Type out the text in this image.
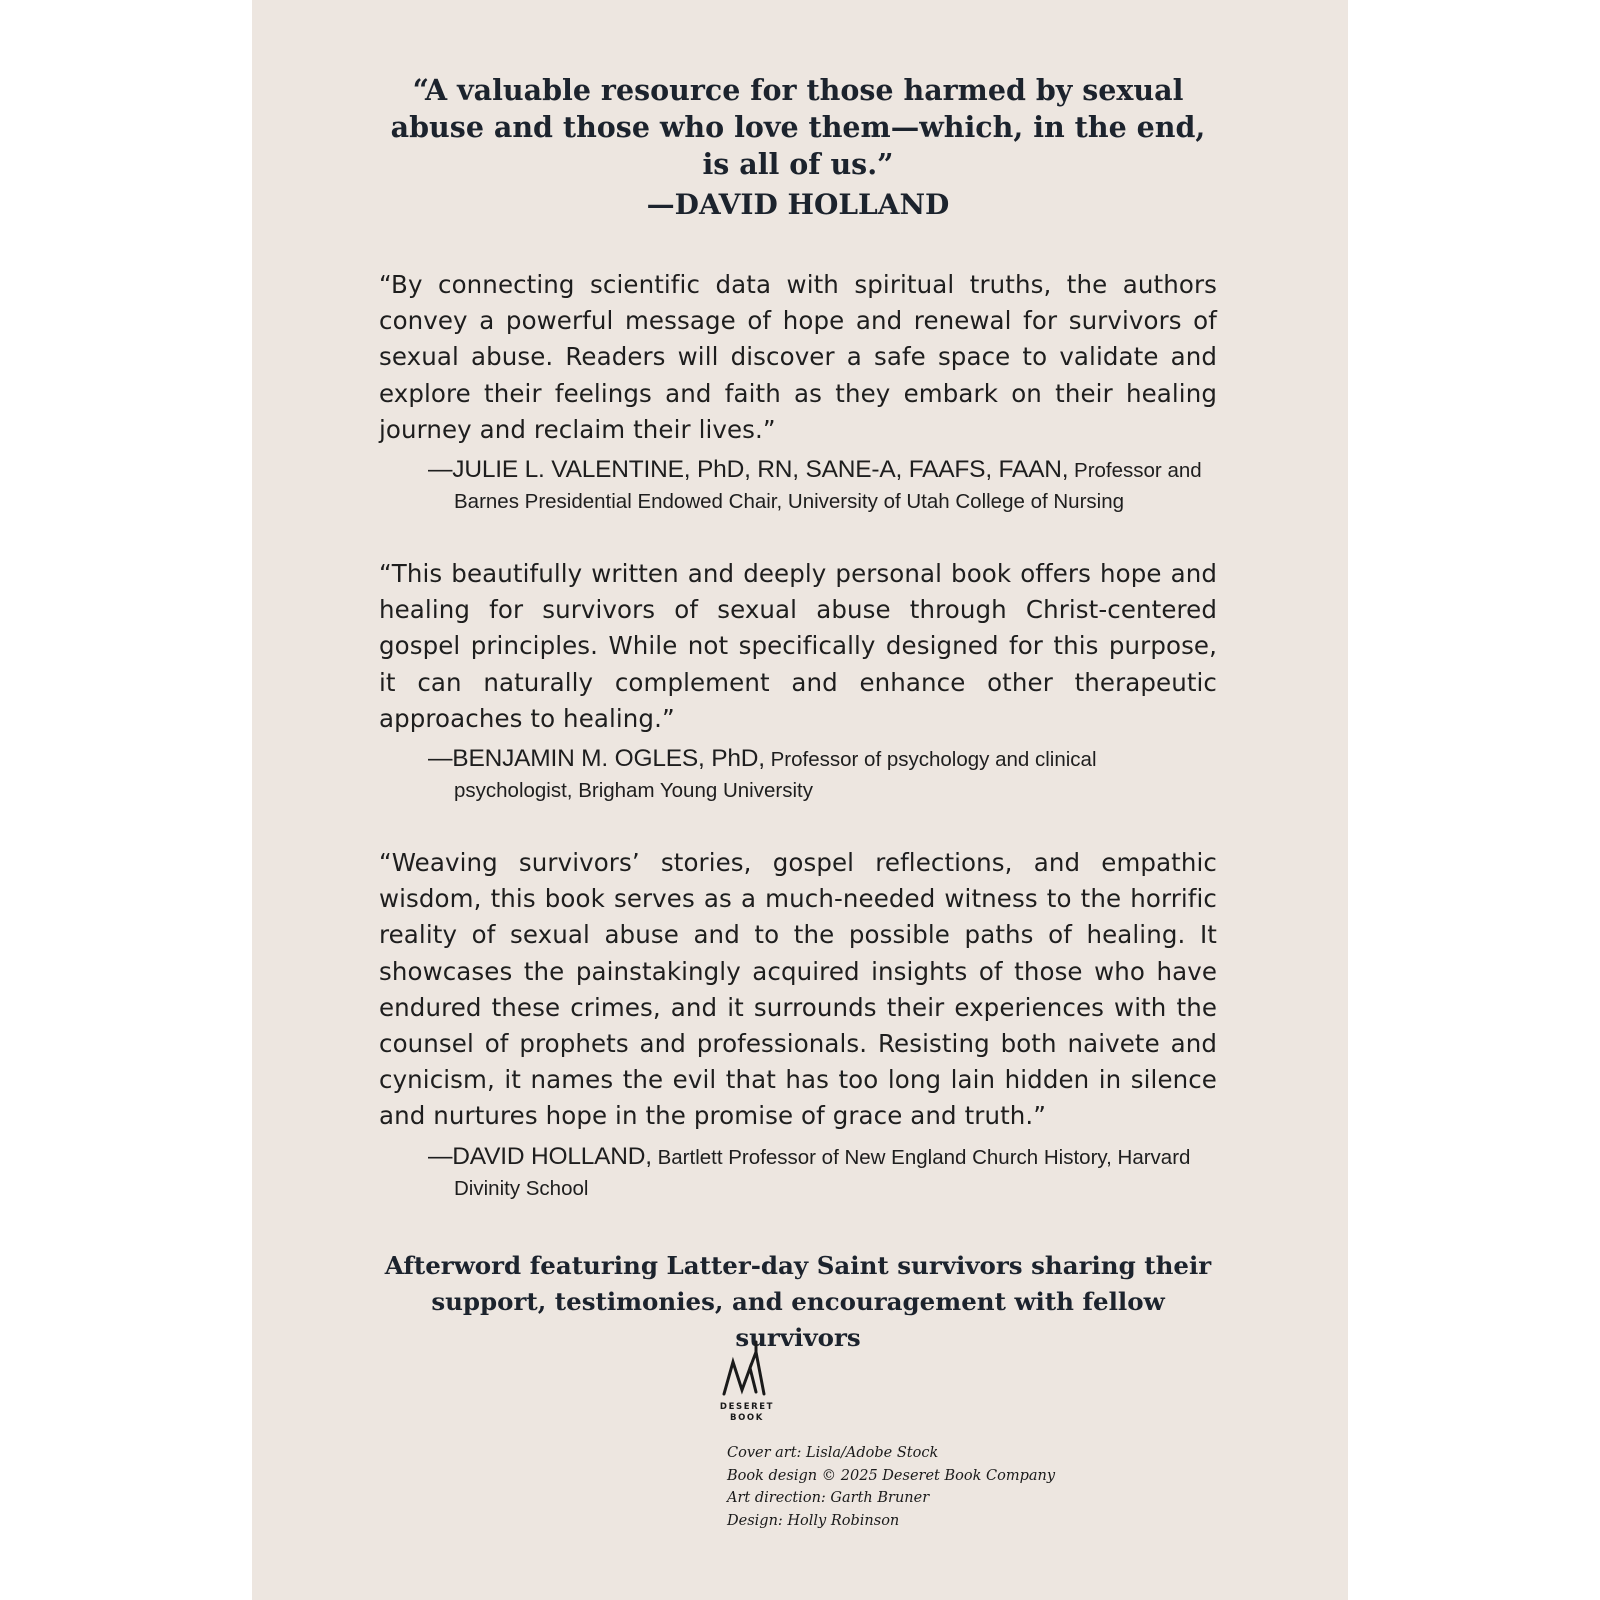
“A valuable resource for those harmed by sexual abuse and those who love them—which, in the end, is all of us.”

—DAVID HOLLAND

“By connecting scientific data with spiritual truths, the authors convey a powerful message of hope and renewal for survivors of sexual abuse. Readers will discover a safe space to validate and explore their feelings and faith as they embark on their healing journey and reclaim their lives.”

—JULIE L. VALENTINE, PhD, RN, SANE-A, FAAFS, FAAN, Professor and Barnes Presidential Endowed Chair, University of Utah College of Nursing

“This beautifully written and deeply personal book offers hope and healing for survivors of sexual abuse through Christ-centered gospel principles. While not specifically designed for this purpose, it can naturally complement and enhance other therapeutic approaches to healing.”

—BENJAMIN M. OGLES, PhD, Professor of psychology and clinical psychologist, Brigham Young University

“Weaving survivors’ stories, gospel reflections, and empathic wisdom, this book serves as a much-needed witness to the horrific reality of sexual abuse and to the possible paths of healing. It showcases the painstakingly acquired insights of those who have endured these crimes, and it surrounds their experiences with the counsel of prophets and professionals. Resisting both naivete and cynicism, it names the evil that has too long lain hidden in silence and nurtures hope in the promise of grace and truth.”

—DAVID HOLLAND, Bartlett Professor of New England Church History, Harvard Divinity School

Afterword featuring Latter-day Saint survivors sharing their support, testimonies, and encouragement with fellow survivors

DESERET
BOOK
Cover art: Lisla/Adobe Stock
Book design © 2025 Deseret Book Company
Art direction: Garth Bruner
Design: Holly Robinson
